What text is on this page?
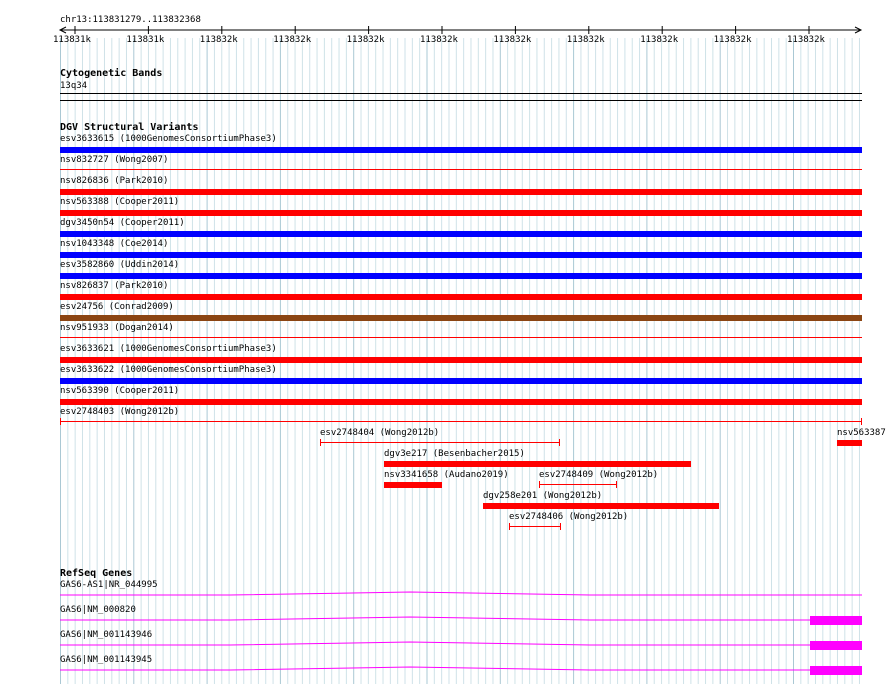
chr13:113831279..113832368
113831k	113831k	113832k	113832k	113832k	113832k	113832k	113832k	113832k	113832k	113832k
Cytogenetic Bands
13q34
DGV Structural Variants
esv3633615 (1000GenomesConsortiumPhase3)
nsv832727 (Wong2007)
nsv826836 (Park2010)
nsv563388 (Cooper2011)
dgv3450n54 (Cooper2011)
nsv1043348 (Coe2014)
esv3582860 (Uddin2014)
nsv826837 (Park2010)
esv24756 (Conrad2009)
nsv951933 (Dogan2014)
esv3633621 (1000GenomesConsortiumPhase3)
esv3633622 (1000GenomesConsortiumPhase3)
nsv563390 (Cooper2011)
esv2748403 (Wong2012b)
esv2748404 (Wong2012b)	nsv563387
dgv3e217 (Besenbacher2015)
nsv3341658 (Audano2019)	esv2748409 (Wong2012b)
dgv258e201 (Wong2012b)
esv2748406 (Wong2012b)
RefSeq Genes
GAS6-AS1|NR_044995
GAS6|NM_000820
GAS6|NM_001143946
GAS6|NM_001143945
